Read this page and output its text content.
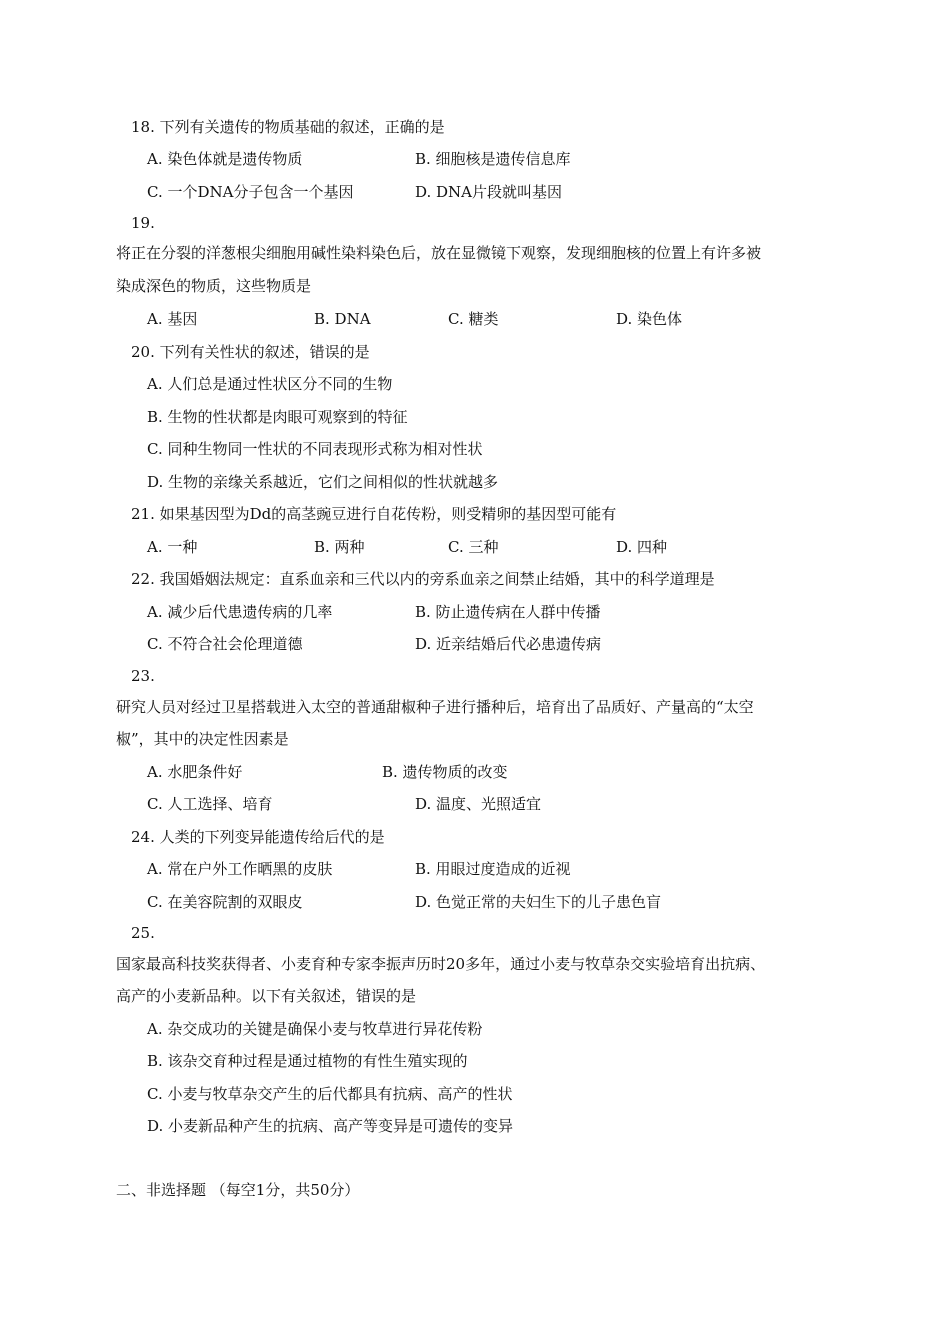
18. 下列有关遗传的物质基础的叙述，正确的是
A. 染色体就是遗传物质	B. 细胞核是遗传信息库
C. 一个DNA分子包含一个基因	D. DNA片段就叫基因
19.
将正在分裂的洋葱根尖细胞用碱性染料染色后，放在显微镜下观察，发现细胞核的位置上有许多被
染成深色的物质，这些物质是
A. 基因	B. DNA	C. 糖类	D. 染色体
20. 下列有关性状的叙述，错误的是
A. 人们总是通过性状区分不同的生物
B. 生物的性状都是肉眼可观察到的特征
C. 同种生物同一性状的不同表现形式称为相对性状
D. 生物的亲缘关系越近，它们之间相似的性状就越多
21. 如果基因型为Dd的高茎豌豆进行自花传粉，则受精卵的基因型可能有
A. 一种	B. 两种	C. 三种	D. 四种
22. 我国婚姻法规定：直系血亲和三代以内的旁系血亲之间禁止结婚，其中的科学道理是
A. 减少后代患遗传病的几率	B. 防止遗传病在人群中传播
C. 不符合社会伦理道德	D. 近亲结婚后代必患遗传病
23.
研究人员对经过卫星搭载进入太空的普通甜椒种子进行播种后，培育出了品质好、产量高的“太空
椒”，其中的决定性因素是
A. 水肥条件好	B. 遗传物质的改变
C. 人工选择、培育	D. 温度、光照适宜
24. 人类的下列变异能遗传给后代的是
A. 常在户外工作晒黑的皮肤	B. 用眼过度造成的近视
C. 在美容院割的双眼皮	D. 色觉正常的夫妇生下的儿子患色盲
25.
国家最高科技奖获得者、小麦育种专家李振声历时20多年，通过小麦与牧草杂交实验培育出抗病、
高产的小麦新品种。以下有关叙述，错误的是
A. 杂交成功的关键是确保小麦与牧草进行异花传粉
B. 该杂交育种过程是通过植物的有性生殖实现的
C. 小麦与牧草杂交产生的后代都具有抗病、高产的性状
D. 小麦新品种产生的抗病、高产等变异是可遗传的变异
二、非选择题 （每空1分，共50分）
